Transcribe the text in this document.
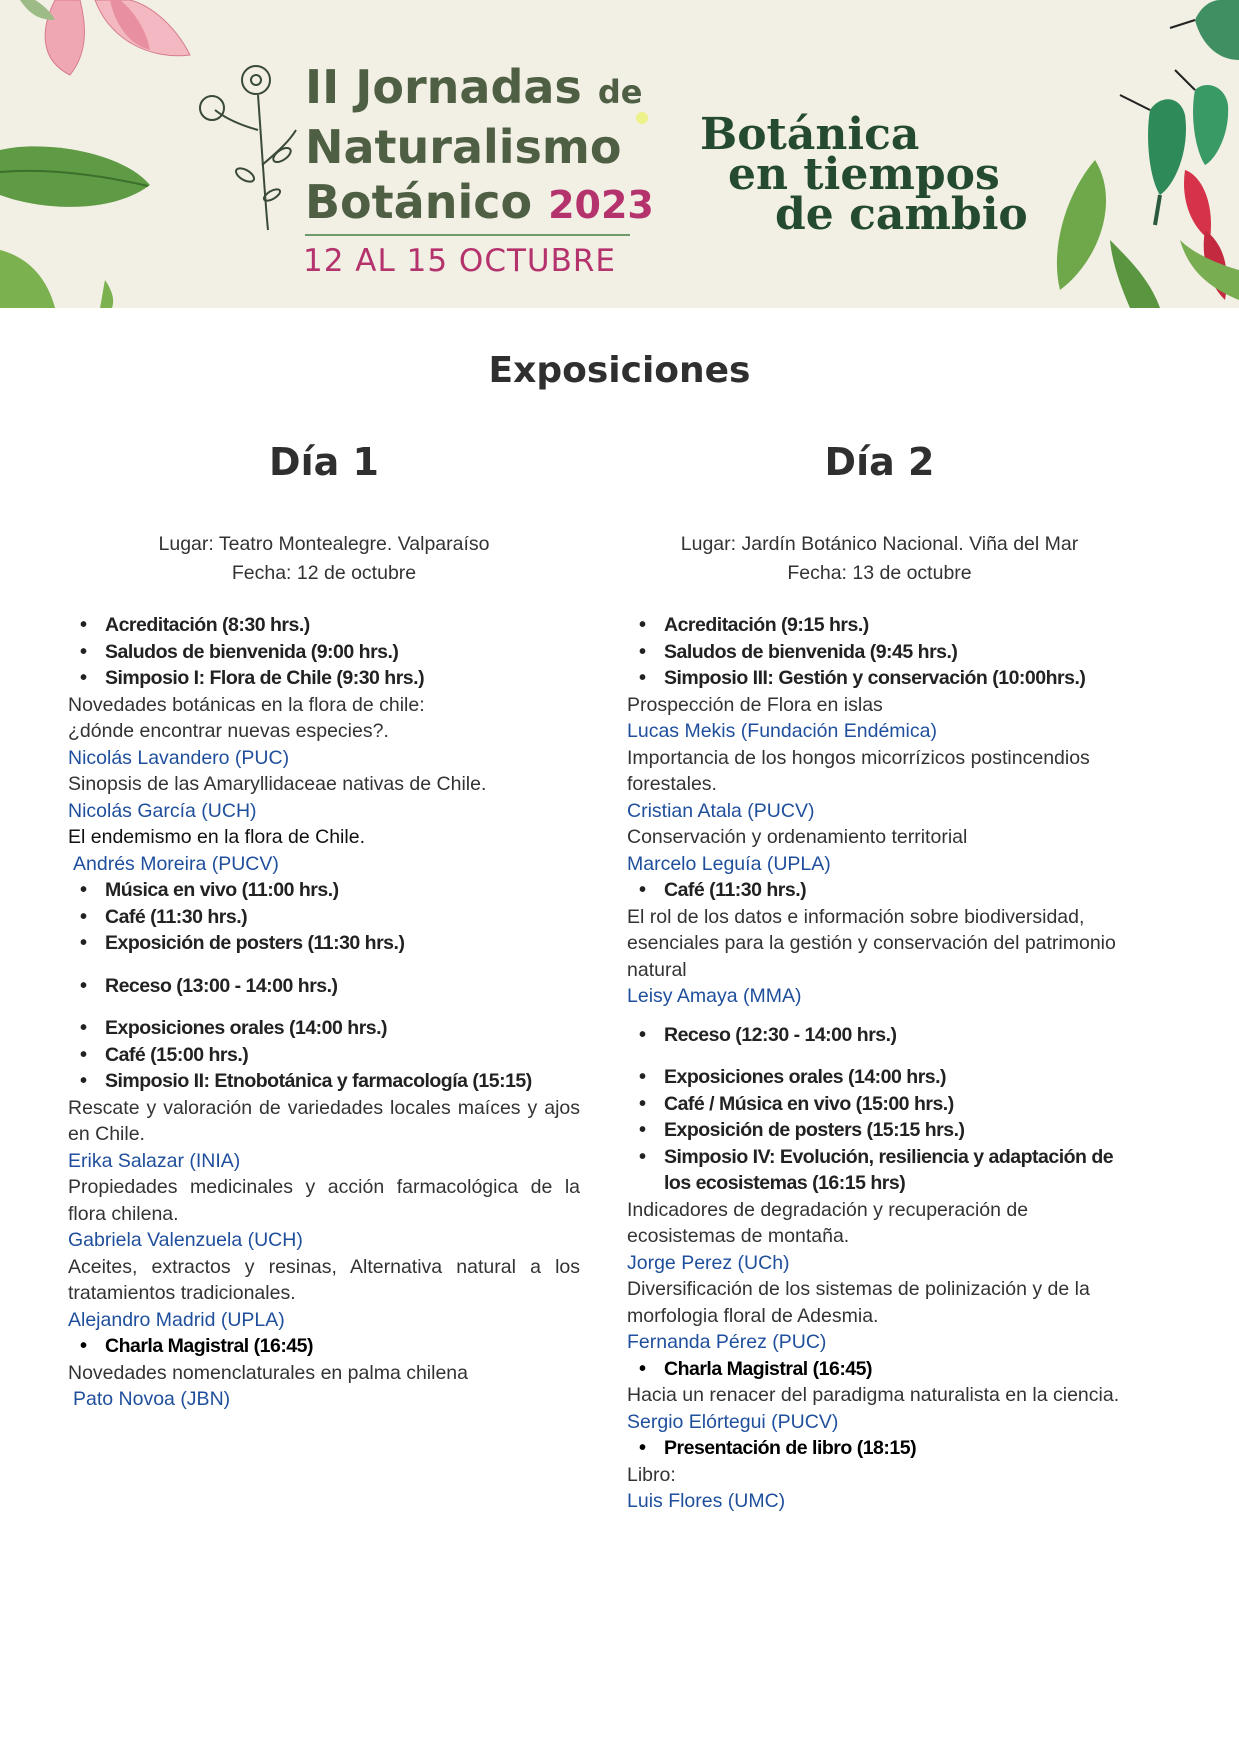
II Jornadas de
Naturalismo
Botánico 2023
12 AL 15 OCTUBRE
Botánica
en tiempos
de cambio
Exposiciones
Día 1
Lugar: Teatro Montealegre. Valparaíso
Fecha: 12 de octubre
• Acreditación (8:30 hrs.)
• Saludos de bienvenida (9:00 hrs.)
• Simposio I: Flora de Chile (9:30 hrs.)
Novedades botánicas en la flora de chile:
¿dónde encontrar nuevas especies?.
Nicolás Lavandero (PUC)
Sinopsis de las Amaryllidaceae nativas de Chile.
Nicolás García (UCH)
El endemismo en la flora de Chile.
Andrés Moreira (PUCV)
• Música en vivo (11:00 hrs.)
• Café (11:30 hrs.)
• Exposición de posters (11:30 hrs.)
• Receso (13:00 - 14:00 hrs.)
• Exposiciones orales (14:00 hrs.)
• Café (15:00 hrs.)
• Simposio II: Etnobotánica y farmacología (15:15)
Rescate y valoración de variedades locales maíces y ajos en Chile.
Erika Salazar (INIA)
Propiedades medicinales y acción farmacológica de la flora chilena.
Gabriela Valenzuela (UCH)
Aceites, extractos y resinas, Alternativa natural a los tratamientos tradicionales.
Alejandro Madrid (UPLA)
• Charla Magistral (16:45)
Novedades nomenclaturales en palma chilena
Pato Novoa (JBN)
Día 2
Lugar: Jardín Botánico Nacional. Viña del Mar
Fecha: 13 de octubre
• Acreditación (9:15 hrs.)
• Saludos de bienvenida (9:45 hrs.)
• Simposio III: Gestión y conservación (10:00hrs.)
Prospección de Flora en islas
Lucas Mekis (Fundación Endémica)
Importancia de los hongos micorrízicos postincendios forestales.
Cristian Atala (PUCV)
Conservación y ordenamiento territorial
Marcelo Leguía (UPLA)
• Café (11:30 hrs.)
El rol de los datos e información sobre biodiversidad, esenciales para la gestión y conservación del patrimonio natural
Leisy Amaya (MMA)
• Receso (12:30 - 14:00 hrs.)
• Exposiciones orales (14:00 hrs.)
• Café / Música en vivo (15:00 hrs.)
• Exposición de posters (15:15 hrs.)
• Simposio IV: Evolución, resiliencia y adaptación de los ecosistemas (16:15 hrs)
Indicadores de degradación y recuperación de ecosistemas de montaña.
Jorge Perez (UCh)
Diversificación de los sistemas de polinización y de la morfologia floral de Adesmia.
Fernanda Pérez (PUC)
• Charla Magistral (16:45)
Hacia un renacer del paradigma naturalista en la ciencia.
Sergio Elórtegui (PUCV)
• Presentación de libro (18:15)
Libro:
Luis Flores (UMC)
